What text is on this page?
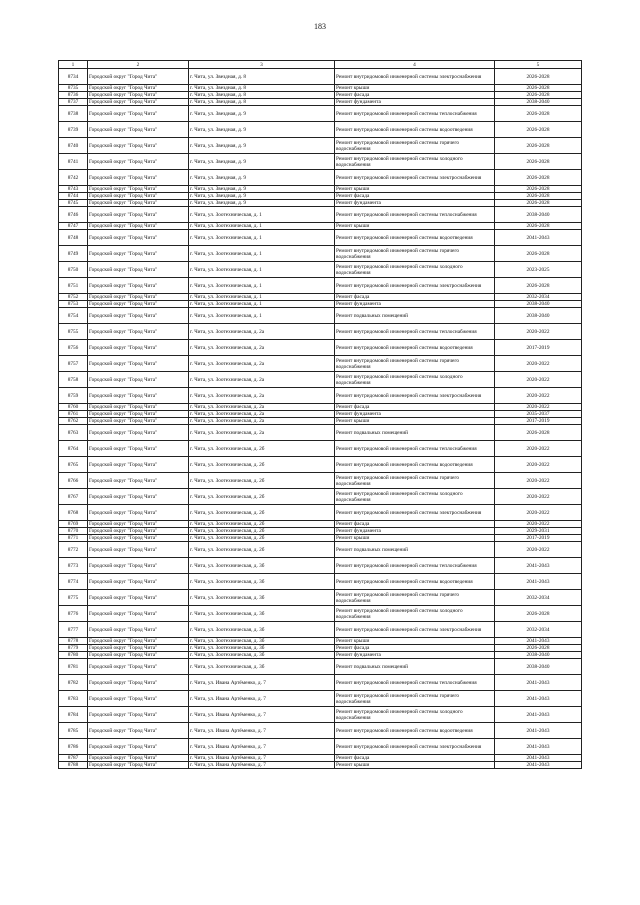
183
1	2	3	4	5
8734	Городской округ "Город Чита"	г. Чита, ул. Звездная, д. 8	Ремонт внутридомовой инженерной системы электроснабжения	2026-2028
8735	Городской округ "Город Чита"	г. Чита, ул. Звездная, д. 8	Ремонт крыши	2026-2028
8736	Городской округ "Город Чита"	г. Чита, ул. Звездная, д. 8	Ремонт фасада	2026-2028
8737	Городской округ "Город Чита"	г. Чита, ул. Звездная, д. 8	Ремонт фундамента	2038-2040
8738	Городской округ "Город Чита"	г. Чита, ул. Звездная, д. 9	Ремонт внутридомовой инженерной системы теплоснабжения	2026-2028
8739	Городской округ "Город Чита"	г. Чита, ул. Звездная, д. 9	Ремонт внутридомовой инженерной системы водоотведения	2026-2028
8740	Городской округ "Город Чита"	г. Чита, ул. Звездная, д. 9	Ремонт внутридомовой инженерной системы горячего водоснабжения	2026-2028
8741	Городской округ "Город Чита"	г. Чита, ул. Звездная, д. 9	Ремонт внутридомовой инженерной системы холодного водоснабжения	2026-2028
8742	Городской округ "Город Чита"	г. Чита, ул. Звездная, д. 9	Ремонт внутридомовой инженерной системы электроснабжения	2026-2028
8743	Городской округ "Город Чита"	г. Чита, ул. Звездная, д. 9	Ремонт крыши	2026-2028
8744	Городской округ "Город Чита"	г. Чита, ул. Звездная, д. 9	Ремонт фасада	2026-2028
8745	Городской округ "Город Чита"	г. Чита, ул. Звездная, д. 9	Ремонт фундамента	2026-2028
8746	Городской округ "Город Чита"	г. Чита, ул. Зоотехническая, д. 1	Ремонт внутридомовой инженерной системы теплоснабжения	2038-2040
8747	Городской округ "Город Чита"	г. Чита, ул. Зоотехническая, д. 1	Ремонт крыши	2026-2028
8748	Городской округ "Город Чита"	г. Чита, ул. Зоотехническая, д. 1	Ремонт внутридомовой инженерной системы водоотведения	2041-2043
8749	Городской округ "Город Чита"	г. Чита, ул. Зоотехническая, д. 1	Ремонт внутридомовой инженерной системы горячего водоснабжения	2026-2028
8750	Городской округ "Город Чита"	г. Чита, ул. Зоотехническая, д. 1	Ремонт внутридомовой инженерной системы холодного водоснабжения	2023-2025
8751	Городской округ "Город Чита"	г. Чита, ул. Зоотехническая, д. 1	Ремонт внутридомовой инженерной системы электроснабжения	2026-2028
8752	Городской округ "Город Чита"	г. Чита, ул. Зоотехническая, д. 1	Ремонт фасада	2032-2034
8753	Городской округ "Город Чита"	г. Чита, ул. Зоотехническая, д. 1	Ремонт фундамента	2038-2040
8754	Городской округ "Город Чита"	г. Чита, ул. Зоотехническая, д. 1	Ремонт подвальных помещений	2038-2040
8755	Городской округ "Город Чита"	г. Чита, ул. Зоотехническая, д. 2а	Ремонт внутридомовой инженерной системы теплоснабжения	2020-2022
8756	Городской округ "Город Чита"	г. Чита, ул. Зоотехническая, д. 2а	Ремонт внутридомовой инженерной системы водоотведения	2017-2019
8757	Городской округ "Город Чита"	г. Чита, ул. Зоотехническая, д. 2а	Ремонт внутридомовой инженерной системы горячего водоснабжения	2020-2022
8758	Городской округ "Город Чита"	г. Чита, ул. Зоотехническая, д. 2а	Ремонт внутридомовой инженерной системы холодного водоснабжения	2020-2022
8759	Городской округ "Город Чита"	г. Чита, ул. Зоотехническая, д. 2а	Ремонт внутридомовой инженерной системы электроснабжения	2020-2022
8760	Городской округ "Город Чита"	г. Чита, ул. Зоотехническая, д. 2а	Ремонт фасада	2020-2022
8761	Городской округ "Город Чита"	г. Чита, ул. Зоотехническая, д. 2а	Ремонт фундамента	2035-2037
8762	Городской округ "Город Чита"	г. Чита, ул. Зоотехническая, д. 2а	Ремонт крыши	2017-2019
8763	Городской округ "Город Чита"	г. Чита, ул. Зоотехническая, д. 2а	Ремонт подвальных помещений	2026-2028
8764	Городской округ "Город Чита"	г. Чита, ул. Зоотехническая, д. 2б	Ремонт внутридомовой инженерной системы теплоснабжения	2020-2022
8765	Городской округ "Город Чита"	г. Чита, ул. Зоотехническая, д. 2б	Ремонт внутридомовой инженерной системы водоотведения	2020-2022
8766	Городской округ "Город Чита"	г. Чита, ул. Зоотехническая, д. 2б	Ремонт внутридомовой инженерной системы горячего водоснабжения	2020-2022
8767	Городской округ "Город Чита"	г. Чита, ул. Зоотехническая, д. 2б	Ремонт внутридомовой инженерной системы холодного водоснабжения	2020-2022
8768	Городской округ "Город Чита"	г. Чита, ул. Зоотехническая, д. 2б	Ремонт внутридомовой инженерной системы электроснабжения	2020-2022
8769	Городской округ "Город Чита"	г. Чита, ул. Зоотехническая, д. 2б	Ремонт фасада	2020-2022
8770	Городской округ "Город Чита"	г. Чита, ул. Зоотехническая, д. 2б	Ремонт фундамента	2029-2031
8771	Городской округ "Город Чита"	г. Чита, ул. Зоотехническая, д. 2б	Ремонт крыши	2017-2019
8772	Городской округ "Город Чита"	г. Чита, ул. Зоотехническая, д. 2б	Ремонт подвальных помещений	2020-2022
8773	Городской округ "Город Чита"	г. Чита, ул. Зоотехническая, д. 3б	Ремонт внутридомовой инженерной системы теплоснабжения	2041-2043
8774	Городской округ "Город Чита"	г. Чита, ул. Зоотехническая, д. 3б	Ремонт внутридомовой инженерной системы водоотведения	2041-2043
8775	Городской округ "Город Чита"	г. Чита, ул. Зоотехническая, д. 3б	Ремонт внутридомовой инженерной системы горячего водоснабжения	2032-2034
8776	Городской округ "Город Чита"	г. Чита, ул. Зоотехническая, д. 3б	Ремонт внутридомовой инженерной системы холодного водоснабжения	2026-2028
8777	Городской округ "Город Чита"	г. Чита, ул. Зоотехническая, д. 3б	Ремонт внутридомовой инженерной системы электроснабжения	2032-2034
8778	Городской округ "Город Чита"	г. Чита, ул. Зоотехническая, д. 3б	Ремонт крыши	2041-2043
8779	Городской округ "Город Чита"	г. Чита, ул. Зоотехническая, д. 3б	Ремонт фасада	2026-2028
8780	Городской округ "Город Чита"	г. Чита, ул. Зоотехническая, д. 3б	Ремонт фундамента	2038-2040
8781	Городской округ "Город Чита"	г. Чита, ул. Зоотехническая, д. 3б	Ремонт подвальных помещений	2038-2040
8782	Городской округ "Город Чита"	г. Чита, ул. Ивана Артёменко, д. 7	Ремонт внутридомовой инженерной системы теплоснабжения	2041-2043
8783	Городской округ "Город Чита"	г. Чита, ул. Ивана Артёменко, д. 7	Ремонт внутридомовой инженерной системы горячего водоснабжения	2041-2043
8784	Городской округ "Город Чита"	г. Чита, ул. Ивана Артёменко, д. 7	Ремонт внутридомовой инженерной системы холодного водоснабжения	2041-2043
8785	Городской округ "Город Чита"	г. Чита, ул. Ивана Артёменко, д. 7	Ремонт внутридомовой инженерной системы водоотведения	2041-2043
8786	Городской округ "Город Чита"	г. Чита, ул. Ивана Артёменко, д. 7	Ремонт внутридомовой инженерной системы электроснабжения	2041-2043
8787	Городской округ "Город Чита"	г. Чита, ул. Ивана Артёменко, д. 7	Ремонт фасада	2041-2043
8788	Городской округ "Город Чита"	г. Чита, ул. Ивана Артёменко, д. 7	Ремонт крыши	2041-2043
